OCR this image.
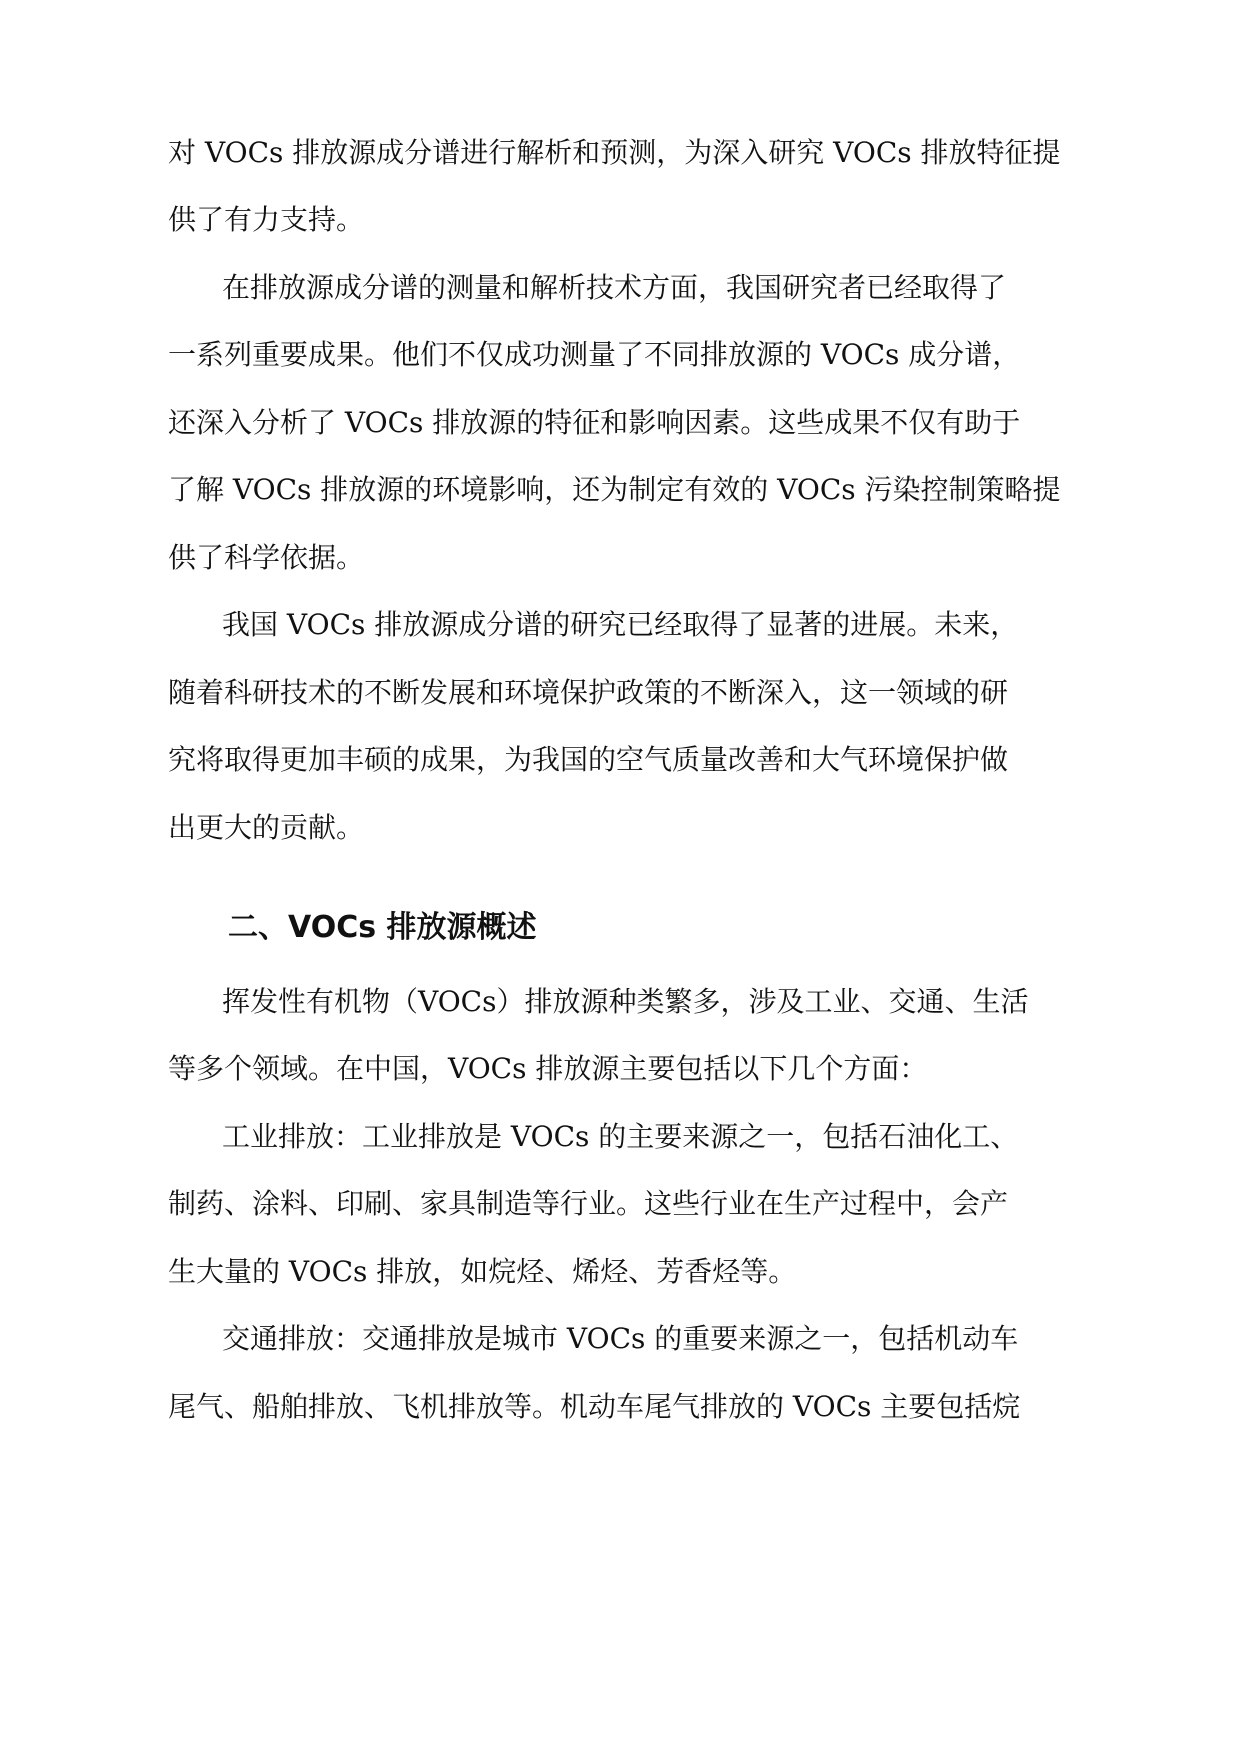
对 VOCs 排放源成分谱进行解析和预测，为深入研究 VOCs 排放特征提
供了有力支持。
在排放源成分谱的测量和解析技术方面，我国研究者已经取得了
一系列重要成果。他们不仅成功测量了不同排放源的 VOCs 成分谱，
还深入分析了 VOCs 排放源的特征和影响因素。这些成果不仅有助于
了解 VOCs 排放源的环境影响，还为制定有效的 VOCs 污染控制策略提
供了科学依据。
我国 VOCs 排放源成分谱的研究已经取得了显著的进展。未来，
随着科研技术的不断发展和环境保护政策的不断深入，这一领域的研
究将取得更加丰硕的成果，为我国的空气质量改善和大气环境保护做
出更大的贡献。
二、VOCs 排放源概述
挥发性有机物（VOCs）排放源种类繁多，涉及工业、交通、生活
等多个领域。在中国，VOCs 排放源主要包括以下几个方面：
工业排放：工业排放是 VOCs 的主要来源之一，包括石油化工、
制药、涂料、印刷、家具制造等行业。这些行业在生产过程中，会产
生大量的 VOCs 排放，如烷烃、烯烃、芳香烃等。
交通排放：交通排放是城市 VOCs 的重要来源之一，包括机动车
尾气、船舶排放、飞机排放等。机动车尾气排放的 VOCs 主要包括烷
